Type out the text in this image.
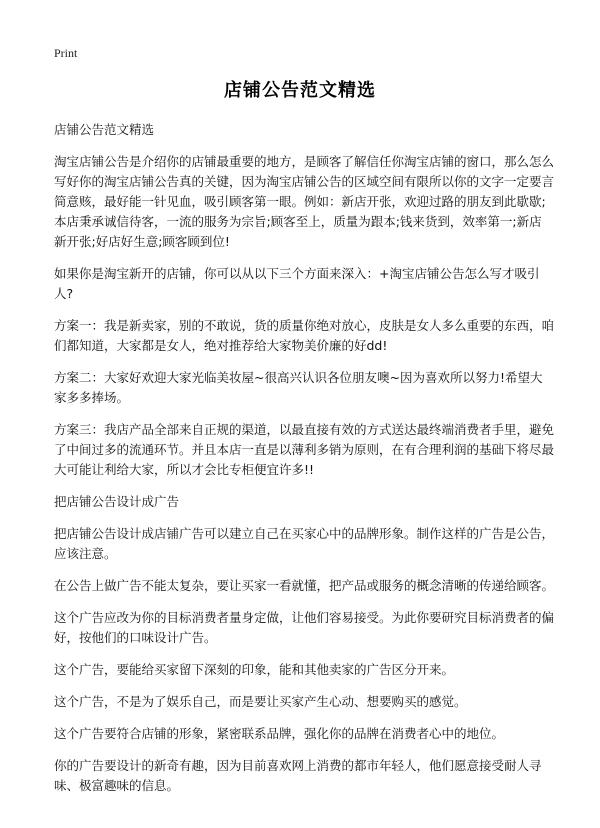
Print
店铺公告范文精选

店铺公告范文精选

淘宝店铺公告是介绍你的店铺最重要的地方，是顾客了解信任你淘宝店铺的窗口，那么怎么写好你的淘宝店铺公告真的关键，因为淘宝店铺公告的区域空间有限所以你的文字一定要言简意赅，最好能一针见血，吸引顾客第一眼。例如：新店开张，欢迎过路的朋友到此歇歇;本店秉承诚信待客，一流的服务为宗旨;顾客至上，质量为跟本;钱来货到，效率第一;新店新开张;好店好生意;顾客顾到位!

如果你是淘宝新开的店铺，你可以从以下三个方面来深入：+淘宝店铺公告怎么写才吸引人?

方案一：我是新卖家，别的不敢说，货的质量你绝对放心，皮肤是女人多么重要的东西，咱们都知道，大家都是女人，绝对推荐给大家物美价廉的好dd!

方案二：大家好欢迎大家光临美妆屋~很高兴认识各位朋友噢~因为喜欢所以努力!希望大家多多捧场。

方案三：我店产品全部来自正规的渠道，以最直接有效的方式送达最终端消费者手里，避免了中间过多的流通环节。并且本店一直是以薄利多销为原则，在有合理利润的基础下将尽最大可能让利给大家，所以才会比专柜便宜许多!!

把店铺公告设计成广告

把店铺公告设计成店铺广告可以建立自己在买家心中的品牌形象。制作这样的广告是公告，应该注意。

在公告上做广告不能太复杂，要让买家一看就懂，把产品或服务的概念清晰的传递给顾客。

这个广告应改为你的目标消费者量身定做，让他们容易接受。为此你要研究目标消费者的偏好，按他们的口味设计广告。

这个广告，要能给买家留下深刻的印象，能和其他卖家的广告区分开来。

这个广告，不是为了娱乐自己，而是要让买家产生心动、想要购买的感觉。

这个广告要符合店铺的形象，紧密联系品牌，强化你的品牌在消费者心中的地位。

你的广告要设计的新奇有趣，因为目前喜欢网上消费的都市年轻人，他们愿意接受耐人寻味、极富趣味的信息。
